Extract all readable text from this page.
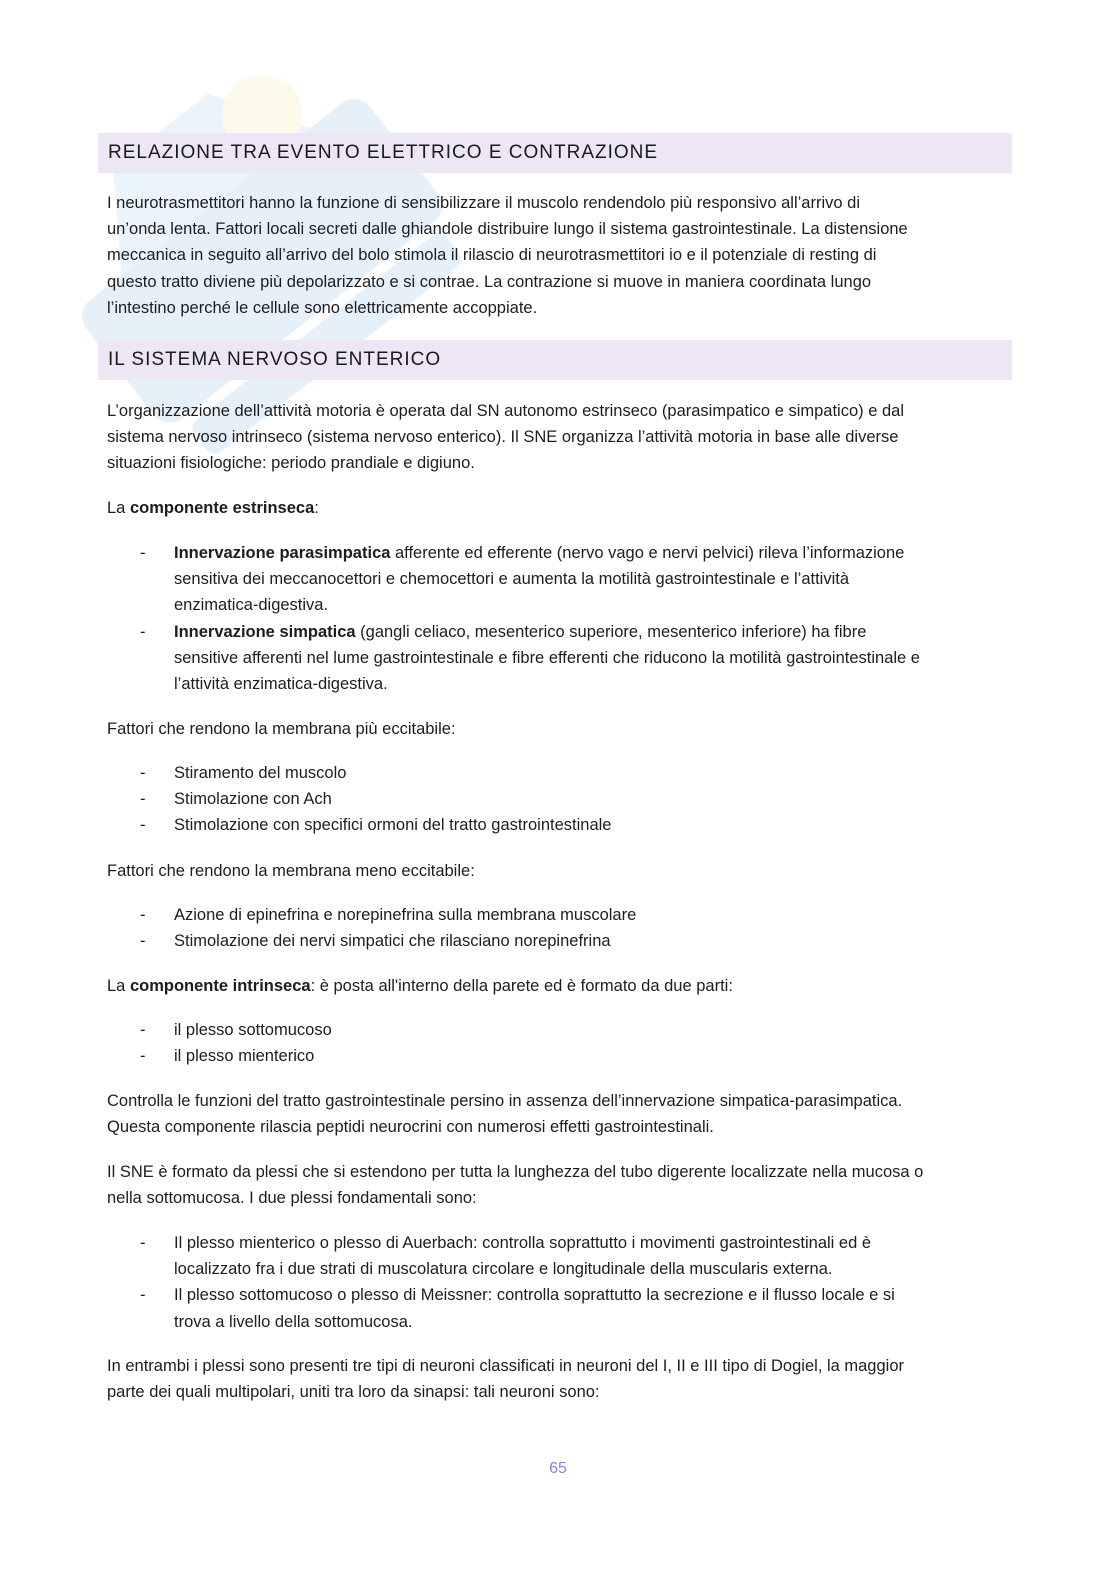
RELAZIONE TRA EVENTO ELETTRICO E CONTRAZIONE
I neurotrasmettitori hanno la funzione di sensibilizzare il muscolo rendendolo più responsivo all’arrivo di
un’onda lenta. Fattori locali secreti dalle ghiandole distribuire lungo il sistema gastrointestinale. La distensione
meccanica in seguito all’arrivo del bolo stimola il rilascio di neurotrasmettitori io e il potenziale di resting di
questo tratto diviene più depolarizzato e si contrae. La contrazione si muove in maniera coordinata lungo
l’intestino perché le cellule sono elettricamente accoppiate.
IL SISTEMA NERVOSO ENTERICO
L’organizzazione dell’attività motoria è operata dal SN autonomo estrinseco (parasimpatico e simpatico) e dal
sistema nervoso intrinseco (sistema nervoso enterico). Il SNE organizza l’attività motoria in base alle diverse
situazioni fisiologiche: periodo prandiale e digiuno.
La componente estrinseca:
- Innervazione parasimpatica afferente ed efferente (nervo vago e nervi pelvici) rileva l’informazione
sensitiva dei meccanocettori e chemocettori e aumenta la motilità gastrointestinale e l’attività
enzimatica-digestiva.
- Innervazione simpatica (gangli celiaco, mesenterico superiore, mesenterico inferiore) ha fibre
sensitive afferenti nel lume gastrointestinale e fibre efferenti che riducono la motilità gastrointestinale e
l’attività enzimatica-digestiva.
Fattori che rendono la membrana più eccitabile:
- Stiramento del muscolo
- Stimolazione con Ach
- Stimolazione con specifici ormoni del tratto gastrointestinale
Fattori che rendono la membrana meno eccitabile:
- Azione di epinefrina e norepinefrina sulla membrana muscolare
- Stimolazione dei nervi simpatici che rilasciano norepinefrina
La componente intrinseca: è posta all'interno della parete ed è formato da due parti:
- il plesso sottomucoso
- il plesso mienterico
Controlla le funzioni del tratto gastrointestinale persino in assenza dell’innervazione simpatica-parasimpatica.
Questa componente rilascia peptidi neurocrini con numerosi effetti gastrointestinali.
Il SNE è formato da plessi che si estendono per tutta la lunghezza del tubo digerente localizzate nella mucosa o
nella sottomucosa. I due plessi fondamentali sono:
- Il plesso mienterico o plesso di Auerbach: controlla soprattutto i movimenti gastrointestinali ed è
localizzato fra i due strati di muscolatura circolare e longitudinale della muscularis externa.
- Il plesso sottomucoso o plesso di Meissner: controlla soprattutto la secrezione e il flusso locale e si
trova a livello della sottomucosa.
In entrambi i plessi sono presenti tre tipi di neuroni classificati in neuroni del I, II e III tipo di Dogiel, la maggior
parte dei quali multipolari, uniti tra loro da sinapsi: tali neuroni sono:
65
